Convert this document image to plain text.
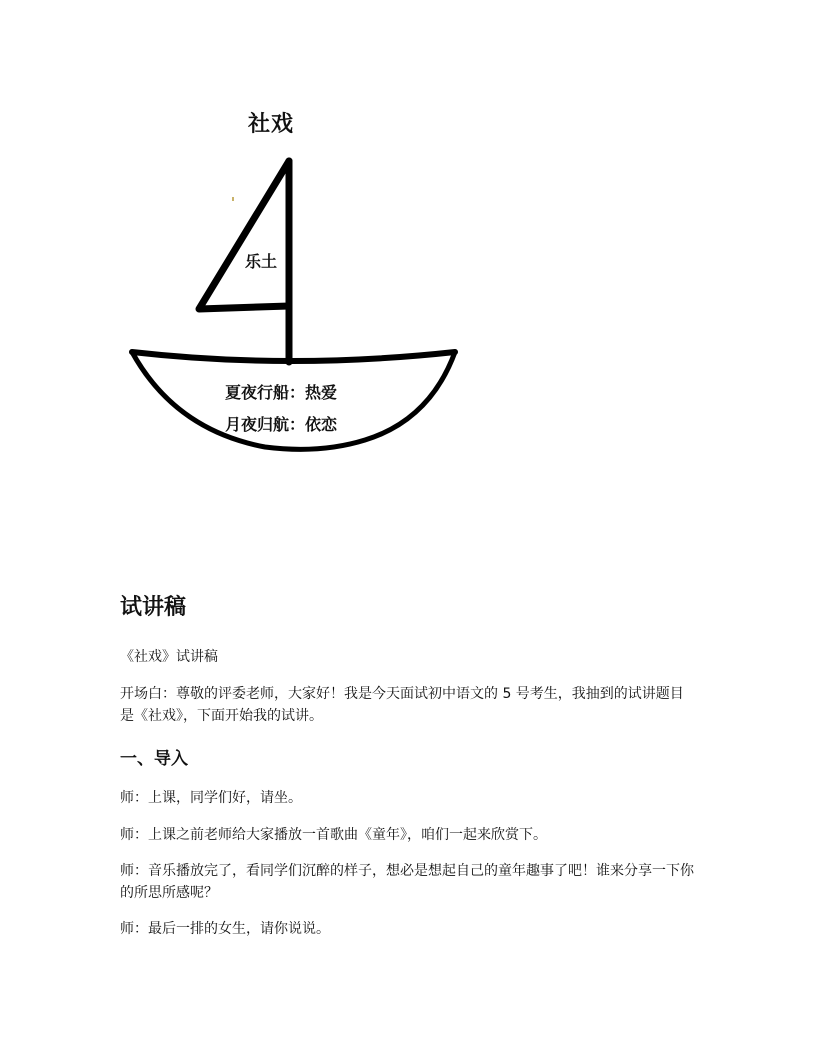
社戏
乐土
夏夜行船：热爱
月夜归航：依恋
试讲稿

《社戏》试讲稿

开场白：尊敬的评委老师，大家好！我是今天面试初中语文的 5 号考生，我抽到的试讲题目是《社戏》，下面开始我的试讲。

一、导入

师：上课，同学们好，请坐。

师：上课之前老师给大家播放一首歌曲《童年》，咱们一起来欣赏下。

师：音乐播放完了，看同学们沉醉的样子，想必是想起自己的童年趣事了吧！谁来分享一下你的所思所感呢？

师：最后一排的女生，请你说说。
